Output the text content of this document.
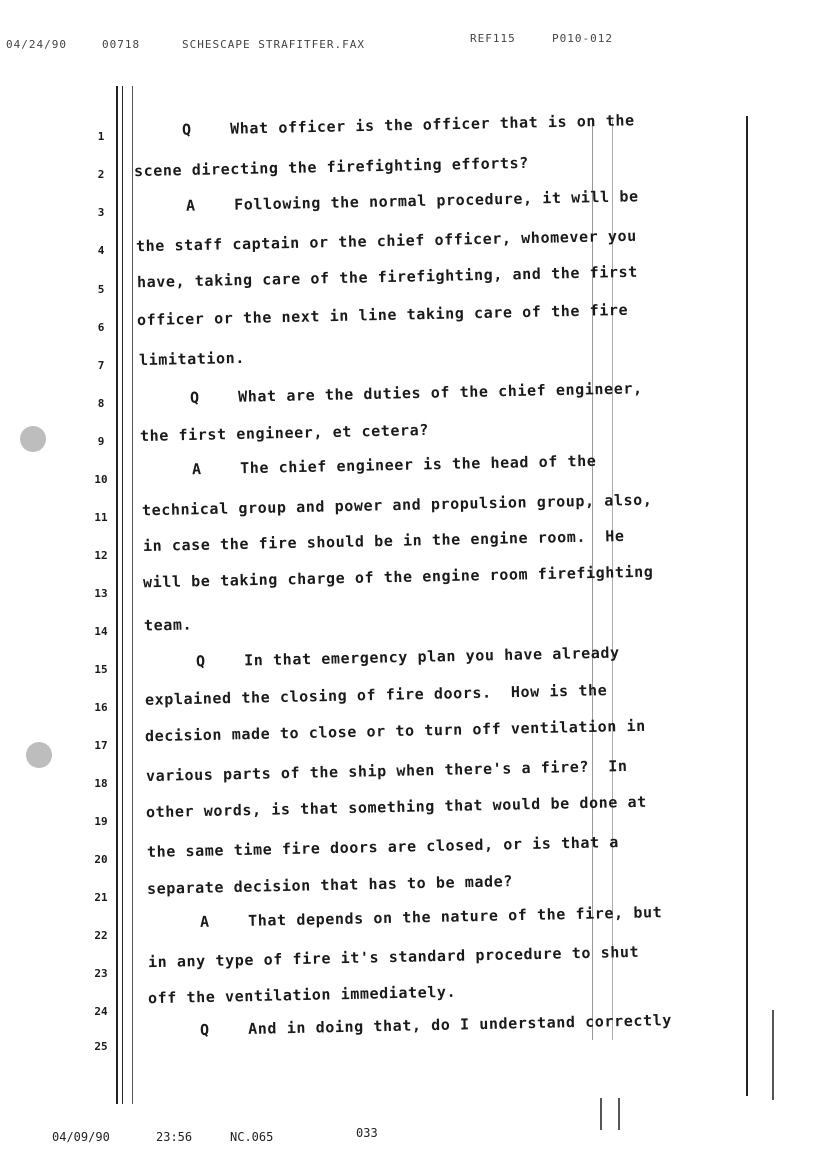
04/24/90	00718	SCHESCAPE STRAFITFER.FAX	REF115	P010-012
1
2
3
4
5
6
7
8
9
10
11
12
13
14
15
16
17
18
19
20
21
22
23
24
25
Q    What officer is the officer that is on the
scene directing the firefighting efforts?
A    Following the normal procedure, it will be
the staff captain or the chief officer, whomever you
have, taking care of the firefighting, and the first
officer or the next in line taking care of the fire
limitation.
Q    What are the duties of the chief engineer,
the first engineer, et cetera?
A    The chief engineer is the head of the
technical group and power and propulsion group, also,
in case the fire should be in the engine room.  He
will be taking charge of the engine room firefighting
team.
Q    In that emergency plan you have already
explained the closing of fire doors.  How is the
decision made to close or to turn off ventilation in
various parts of the ship when there's a fire?  In
other words, is that something that would be done at
the same time fire doors are closed, or is that a
separate decision that has to be made?
A    That depends on the nature of the fire, but
in any type of fire it's standard procedure to shut
off the ventilation immediately.
Q    And in doing that, do I understand correctly
04/09/90	23:56	NC.065	033
